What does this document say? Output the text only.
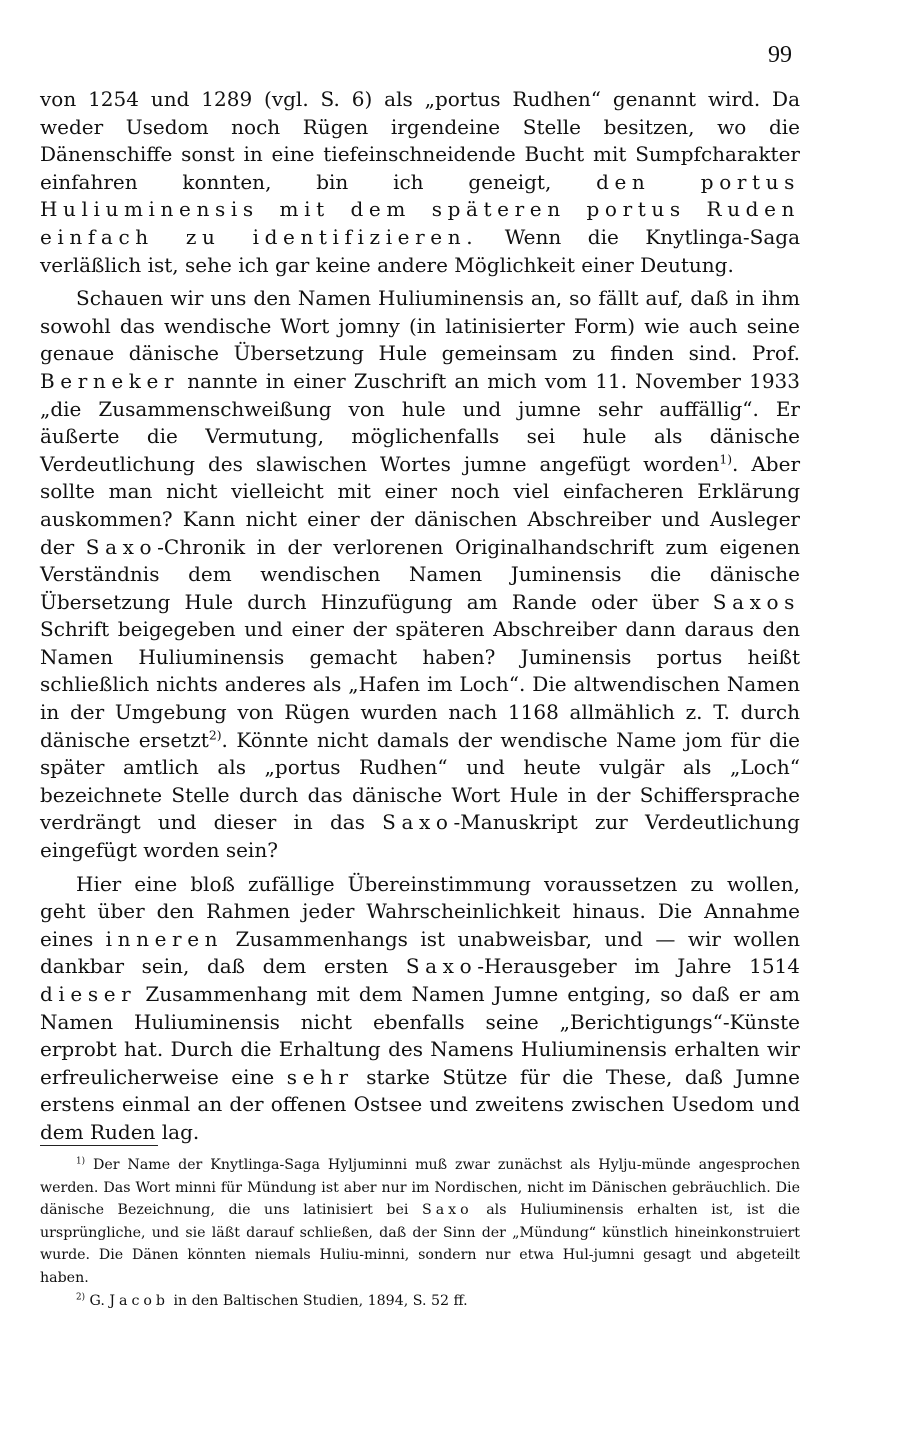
99

von 1254 und 1289 (vgl. S. 6) als „portus Rudhen“ genannt wird. Da weder Usedom noch Rügen irgendeine Stelle besitzen, wo die Dänenschiffe sonst in eine tiefeinschneidende Bucht mit Sumpfcharakter einfahren konnten, bin ich geneigt, den portus Huliuminensis mit dem späteren portus Ruden einfach zu identifizieren. Wenn die Knytlinga-Saga verläßlich ist, sehe ich gar keine andere Möglichkeit einer Deutung.

Schauen wir uns den Namen Huliuminensis an, so fällt auf, daß in ihm sowohl das wendische Wort jomny (in latinisierter Form) wie auch seine genaue dänische Übersetzung Hule gemeinsam zu finden sind. Prof. Berneker nannte in einer Zuschrift an mich vom 11. November 1933 „die Zusammenschweißung von hule und jumne sehr auffällig“. Er äußerte die Vermutung, möglichenfalls sei hule als dänische Verdeutlichung des slawischen Wortes jumne angefügt worden$^{1)}$. Aber sollte man nicht vielleicht mit einer noch viel einfacheren Erklärung auskommen? Kann nicht einer der dänischen Abschreiber und Ausleger der Saxo-Chronik in der verlorenen Originalhandschrift zum eigenen Verständnis dem wendischen Namen Juminensis die dänische Übersetzung Hule durch Hinzufügung am Rande oder über Saxos Schrift beigegeben und einer der späteren Abschreiber dann daraus den Namen Huliuminensis gemacht haben? Juminensis portus heißt schließlich nichts anderes als „Hafen im Loch“. Die altwendischen Namen in der Umgebung von Rügen wurden nach 1168 allmählich z. T. durch dänische ersetzt$^{2)}$. Könnte nicht damals der wendische Name jom für die später amtlich als „portus Rudhen“ und heute vulgär als „Loch“ bezeichnete Stelle durch das dänische Wort Hule in der Schiffersprache verdrängt und dieser in das Saxo-Manuskript zur Verdeutlichung eingefügt worden sein?

Hier eine bloß zufällige Übereinstimmung voraussetzen zu wollen, geht über den Rahmen jeder Wahrscheinlichkeit hinaus. Die Annahme eines inneren Zusammenhangs ist unabweisbar, und — wir wollen dankbar sein, daß dem ersten Saxo-Herausgeber im Jahre 1514 dieser Zusammenhang mit dem Namen Jumne entging, so daß er am Namen Huliuminensis nicht ebenfalls seine „Berichtigungs“-Künste erprobt hat. Durch die Erhaltung des Namens Huliuminensis erhalten wir erfreulicherweise eine sehr starke Stütze für die These, daß Jumne erstens einmal an der offenen Ostsee und zweitens zwischen Usedom und dem Ruden lag.

$^{1)}$ Der Name der Knytlinga-Saga Hyljuminni muß zwar zunächst als Hylju-münde angesprochen werden. Das Wort minni für Mündung ist aber nur im Nordischen, nicht im Dänischen gebräuchlich. Die dänische Bezeichnung, die uns latinisiert bei Saxo als Huliuminensis erhalten ist, ist die ursprüngliche, und sie läßt darauf schließen, daß der Sinn der „Mündung“ künstlich hineinkonstruiert wurde. Die Dänen könnten niemals Huliu-minni, sondern nur etwa Hul-jumni gesagt und abgeteilt haben.

$^{2)}$ G. Jacob in den Baltischen Studien, 1894, S. 52 ff.
